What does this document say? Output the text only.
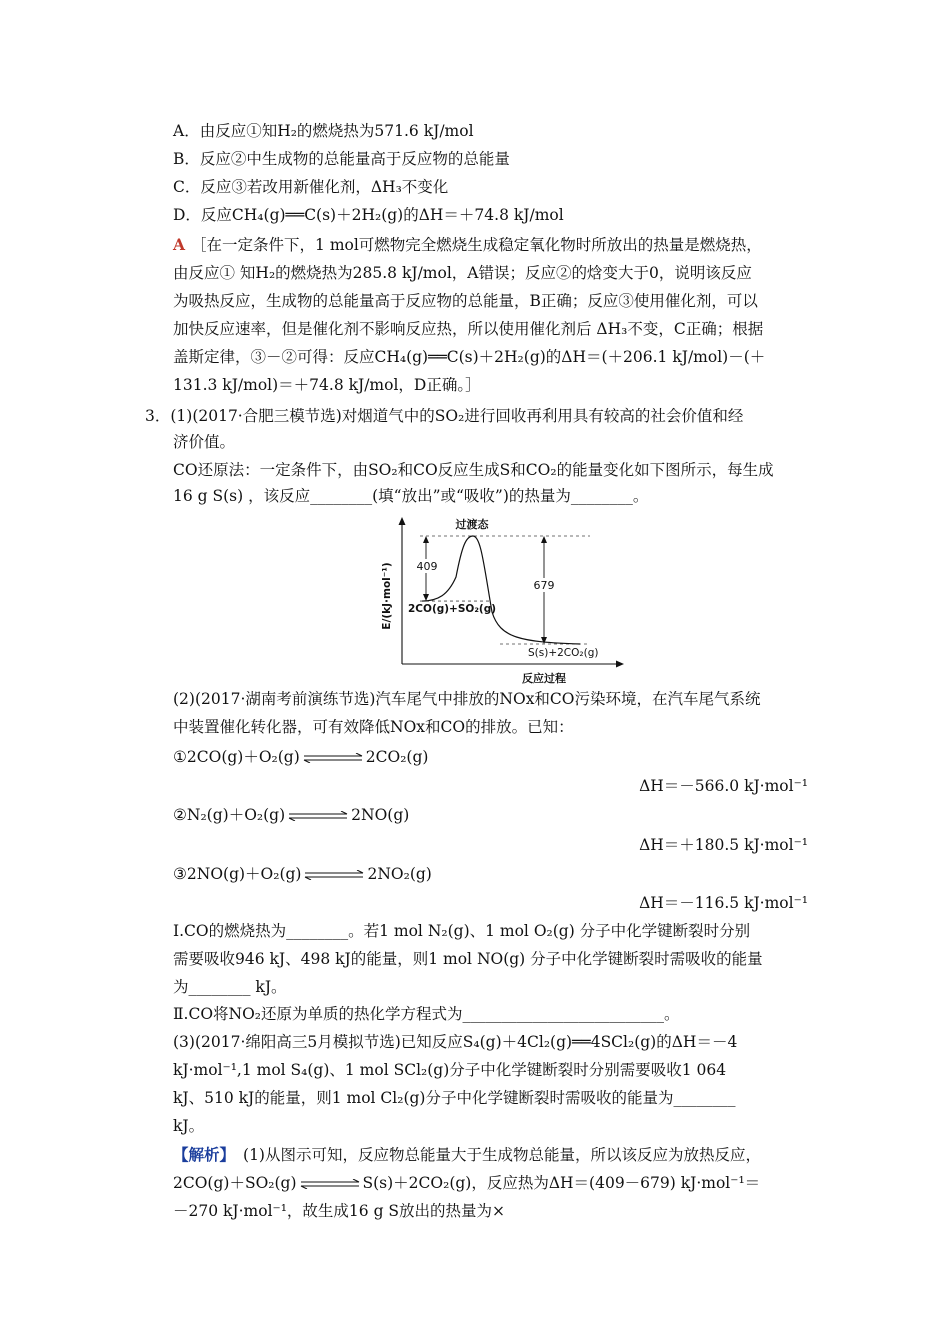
A．由反应①知H₂的燃烧热为571.6 kJ/mol
B．反应②中生成物的总能量高于反应物的总能量
C．反应③若改用新催化剂，ΔH₃不变化
D．反应CH₄(g)══C(s)＋2H₂(g)的ΔH＝＋74.8 kJ/mol
A ［在一定条件下，1 mol可燃物完全燃烧生成稳定氧化物时所放出的热量是燃烧热，
由反应① 知H₂的燃烧热为285.8 kJ/mol，A错误；反应②的焓变大于0，说明该反应
为吸热反应，生成物的总能量高于反应物的总能量，B正确；反应③使用催化剂，可以
加快反应速率，但是催化剂不影响反应热，所以使用催化剂后 ΔH₃不变，C正确；根据
盖斯定律，③－②可得：反应CH₄(g)══C(s)＋2H₂(g)的ΔH＝(＋206.1 kJ/mol)－(＋
131.3 kJ/mol)＝＋74.8 kJ/mol，D正确。］
3．(1)(2017·合肥三模节选)对烟道气中的SO₂进行回收再利用具有较高的社会价值和经
济价值。
CO还原法：一定条件下，由SO₂和CO反应生成S和CO₂的能量变化如下图所示，每生成
16 g S(s) ，该反应________(填“放出”或“吸收”)的热量为________。
E/(kJ·mol⁻¹)
反应过程
409
679
过渡态
2CO(g)+SO₂(g)
S(s)+2CO₂(g)
(2)(2017·湖南考前演练节选)汽车尾气中排放的NOx和CO污染环境，在汽车尾气系统
中装置催化转化器，可有效降低NOx和CO的排放。已知：
①2CO(g)＋O₂(g) ⇌ 2CO₂(g)
ΔH＝－566.0 kJ·mol⁻¹
②N₂(g)＋O₂(g) ⇌ 2NO(g)
ΔH＝＋180.5 kJ·mol⁻¹
③2NO(g)＋O₂(g) ⇌ 2NO₂(g)
ΔH＝－116.5 kJ·mol⁻¹
Ⅰ.CO的燃烧热为________。若1 mol N₂(g)、1 mol O₂(g) 分子中化学键断裂时分别
需要吸收946 kJ、498 kJ的能量，则1 mol NO(g) 分子中化学键断裂时需吸收的能量
为________ kJ。
Ⅱ.CO将NO₂还原为单质的热化学方程式为__________________________。
(3)(2017·绵阳高三5月模拟节选)已知反应S₄(g)＋4Cl₂(g)══4SCl₂(g)的ΔH＝－4
kJ·mol⁻¹,1 mol S₄(g)、1 mol SCl₂(g)分子中化学键断裂时分别需要吸收1 064
kJ、510 kJ的能量，则1 mol Cl₂(g)分子中化学键断裂时需吸收的能量为________
kJ。
【解析】 (1)从图示可知，反应物总能量大于生成物总能量，所以该反应为放热反应，
2CO(g)＋SO₂(g) ⇌ S(s)＋2CO₂(g)，反应热为ΔH＝(409－679) kJ·mol⁻¹＝
－270 kJ·mol⁻¹，故生成16 g S放出的热量为×
